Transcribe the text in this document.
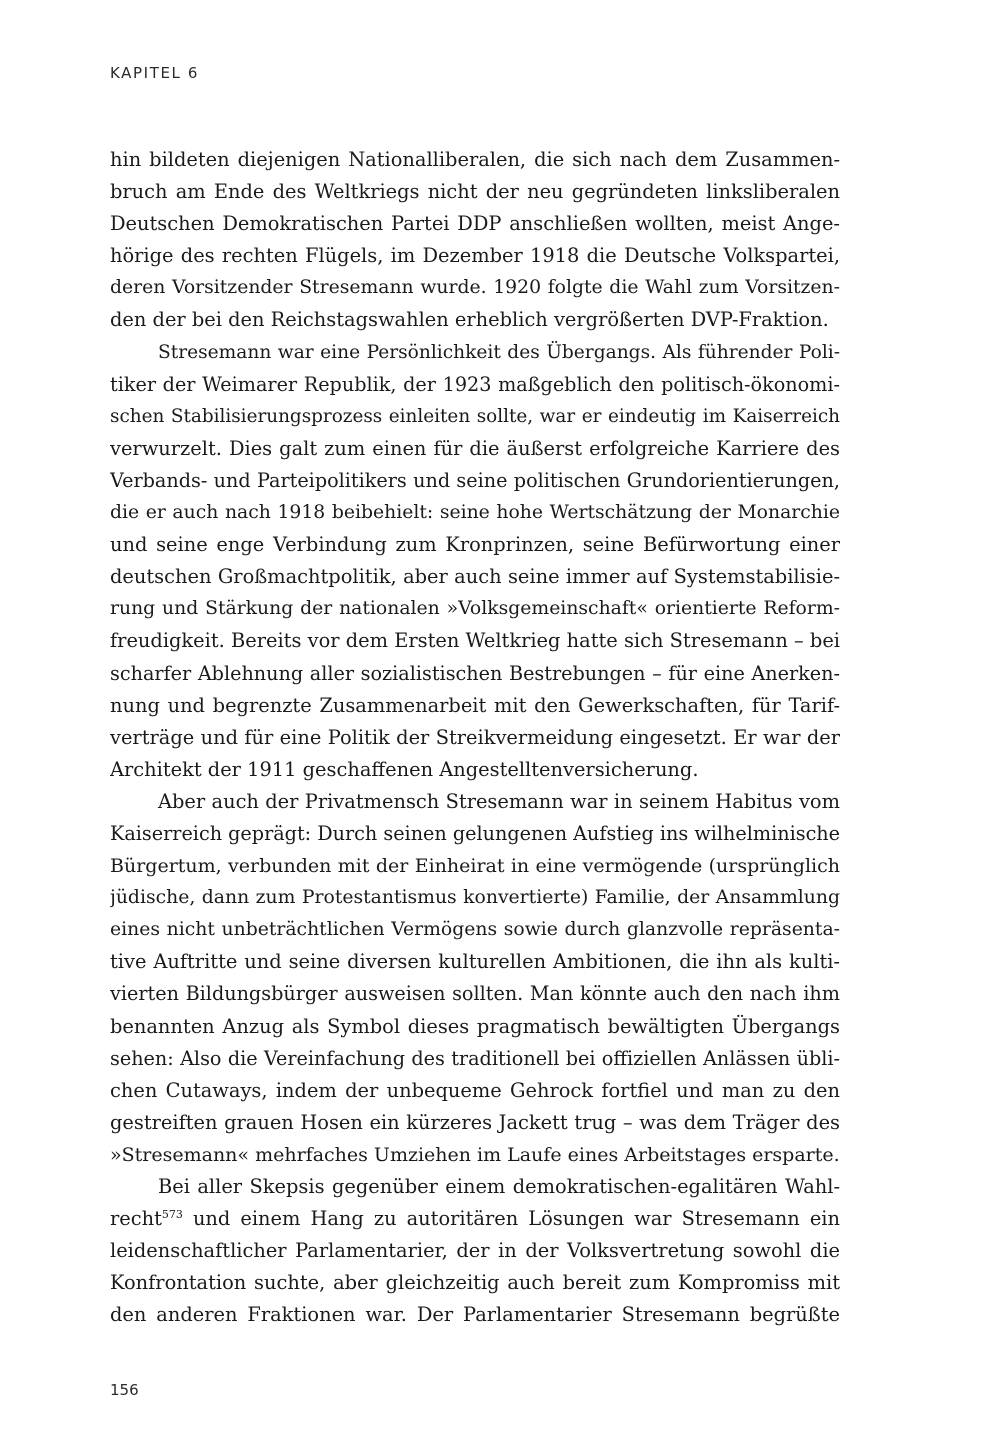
KAPITEL 6
hin bildeten diejenigen Nationalliberalen, die sich nach dem Zusammen-
bruch am Ende des Weltkriegs nicht der neu gegründeten linksliberalen
Deutschen Demokratischen Partei DDP anschließen wollten, meist Ange-
hörige des rechten Flügels, im Dezember 1918 die Deutsche Volkspartei,
deren Vorsitzender Stresemann wurde. 1920 folgte die Wahl zum Vorsitzen-
den der bei den Reichstagswahlen erheblich vergrößerten DVP-Fraktion.
Stresemann war eine Persönlichkeit des Übergangs. Als führender Poli-
tiker der Weimarer Republik, der 1923 maßgeblich den politisch-ökonomi-
schen Stabilisierungsprozess einleiten sollte, war er eindeutig im Kaiserreich
verwurzelt. Dies galt zum einen für die äußerst erfolgreiche Karriere des
Verbands- und Parteipolitikers und seine politischen Grundorientierungen,
die er auch nach 1918 beibehielt: seine hohe Wertschätzung der Monarchie
und seine enge Verbindung zum Kronprinzen, seine Befürwortung einer
deutschen Großmachtpolitik, aber auch seine immer auf Systemstabilisie-
rung und Stärkung der nationalen »Volksgemeinschaft« orientierte Reform-
freudigkeit. Bereits vor dem Ersten Weltkrieg hatte sich Stresemann – bei
scharfer Ablehnung aller sozialistischen Bestrebungen – für eine Anerken-
nung und begrenzte Zusammenarbeit mit den Gewerkschaften, für Tarif-
verträge und für eine Politik der Streikvermeidung eingesetzt. Er war der
Architekt der 1911 geschaffenen Angestelltenversicherung.
Aber auch der Privatmensch Stresemann war in seinem Habitus vom
Kaiserreich geprägt: Durch seinen gelungenen Aufstieg ins wilhelminische
Bürgertum, verbunden mit der Einheirat in eine vermögende (ursprünglich
jüdische, dann zum Protestantismus konvertierte) Familie, der Ansammlung
eines nicht unbeträchtlichen Vermögens sowie durch glanzvolle repräsenta-
tive Auftritte und seine diversen kulturellen Ambitionen, die ihn als kulti-
vierten Bildungsbürger ausweisen sollten. Man könnte auch den nach ihm
benannten Anzug als Symbol dieses pragmatisch bewältigten Übergangs
sehen: Also die Vereinfachung des traditionell bei offiziellen Anlässen übli-
chen Cutaways, indem der unbequeme Gehrock fortfiel und man zu den
gestreiften grauen Hosen ein kürzeres Jackett trug – was dem Träger des
»Stresemann« mehrfaches Umziehen im Laufe eines Arbeitstages ersparte.
Bei aller Skepsis gegenüber einem demokratischen-egalitären Wahl-
recht$^{573}$ und einem Hang zu autoritären Lösungen war Stresemann ein
leidenschaftlicher Parlamentarier, der in der Volksvertretung sowohl die
Konfrontation suchte, aber gleichzeitig auch bereit zum Kompromiss mit
den anderen Fraktionen war. Der Parlamentarier Stresemann begrüßte
156
